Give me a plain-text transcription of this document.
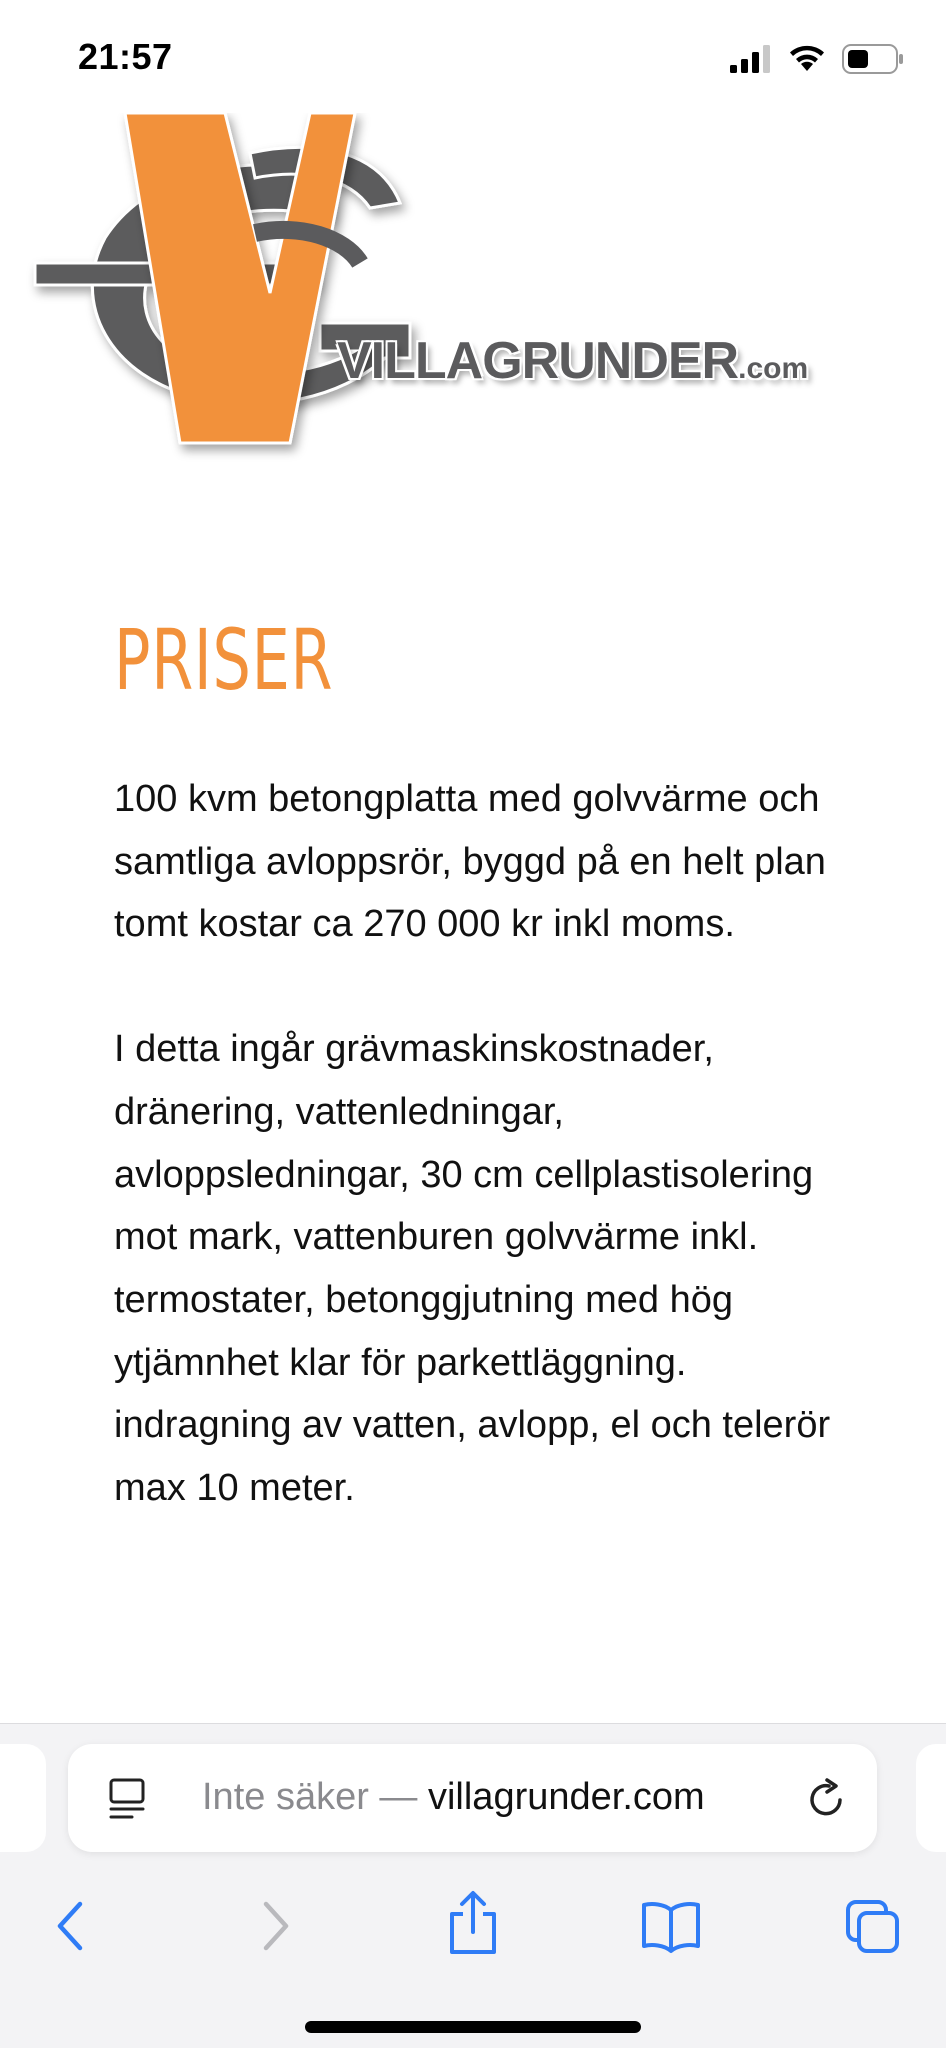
21:57
VILLAGRUNDER.com
PRISER

100 kvm betongplatta med golvvärme och samtliga avloppsrör, byggd på en helt plan tomt kostar ca 270 000 kr inkl moms.

I detta ingår grävmaskinskostnader, dränering, vattenledningar, avloppsledningar, 30 cm cellplastisolering mot mark, vattenburen golvvärme inkl. termostater, betonggjutning med hög ytjämnhet klar för parkettläggning. indragning av vatten, avlopp, el och telerör max 10 meter.

Inte säker — villagrunder.com
